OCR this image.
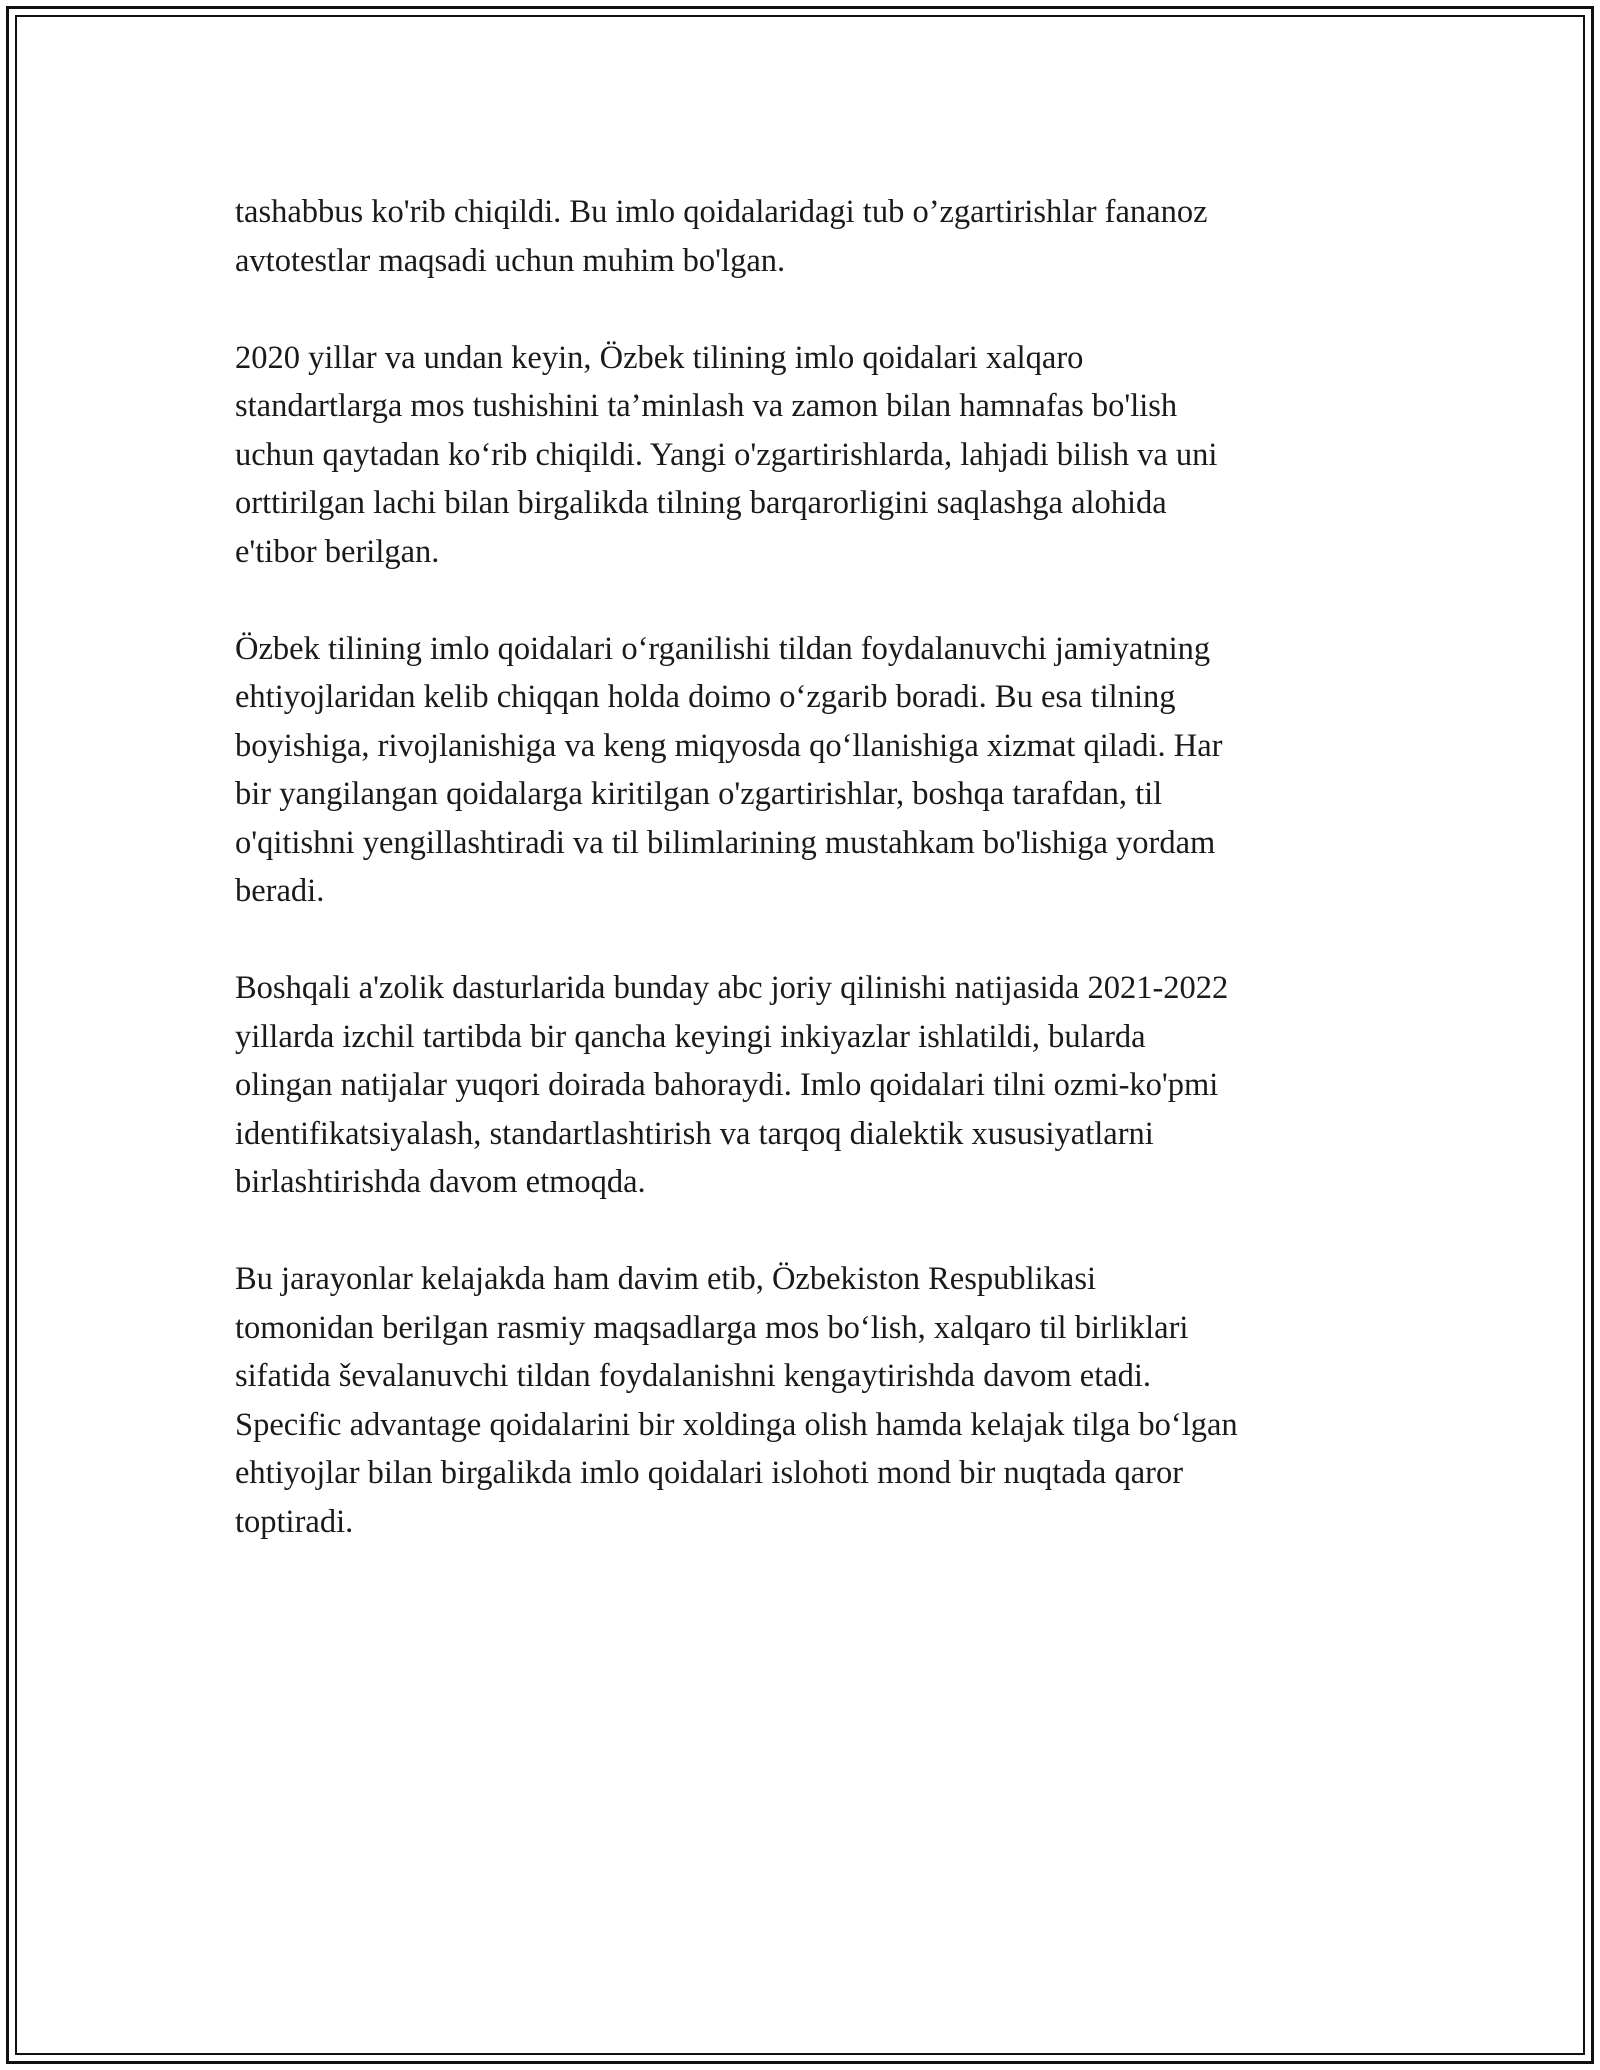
tashabbus ko'rib chiqildi. Bu imlo qoidalaridagi tub o’zgartirishlar fananoz
avtotestlar maqsadi uchun muhim bo'lgan.

2020 yillar va undan keyin, Özbek tilining imlo qoidalari xalqaro
standartlarga mos tushishini ta’minlash va zamon bilan hamnafas bo'lish
uchun qaytadan ko‘rib chiqildi. Yangi o'zgartirishlarda, lahjadi bilish va uni
orttirilgan lachi bilan birgalikda tilning barqarorligini saqlashga alohida
e'tibor berilgan.

Özbek tilining imlo qoidalari o‘rganilishi tildan foydalanuvchi jamiyatning
ehtiyojlaridan kelib chiqqan holda doimo o‘zgarib boradi. Bu esa tilning
boyishiga, rivojlanishiga va keng miqyosda qo‘llanishiga xizmat qiladi. Har
bir yangilangan qoidalarga kiritilgan o'zgartirishlar, boshqa tarafdan, til
o'qitishni yengillashtiradi va til bilimlarining mustahkam bo'lishiga yordam
beradi.

Boshqali a'zolik dasturlarida bunday abc joriy qilinishi natijasida 2021-2022
yillarda izchil tartibda bir qancha keyingi inkiyazlar ishlatildi, bularda
olingan natijalar yuqori doirada bahoraydi. Imlo qoidalari tilni ozmi-ko'pmi
identifikatsiyalash, standartlashtirish va tarqoq dialektik xususiyatlarni
birlashtirishda davom etmoqda.

Bu jarayonlar kelajakda ham davim etib, Özbekiston Respublikasi
tomonidan berilgan rasmiy maqsadlarga mos bo‘lish, xalqaro til birliklari
sifatida ševalanuvchi tildan foydalanishni kengaytirishda davom etadi.
Specific advantage qoidalarini bir xoldinga olish hamda kelajak tilga bo‘lgan
ehtiyojlar bilan birgalikda imlo qoidalari islohoti mond bir nuqtada qaror
toptiradi.
